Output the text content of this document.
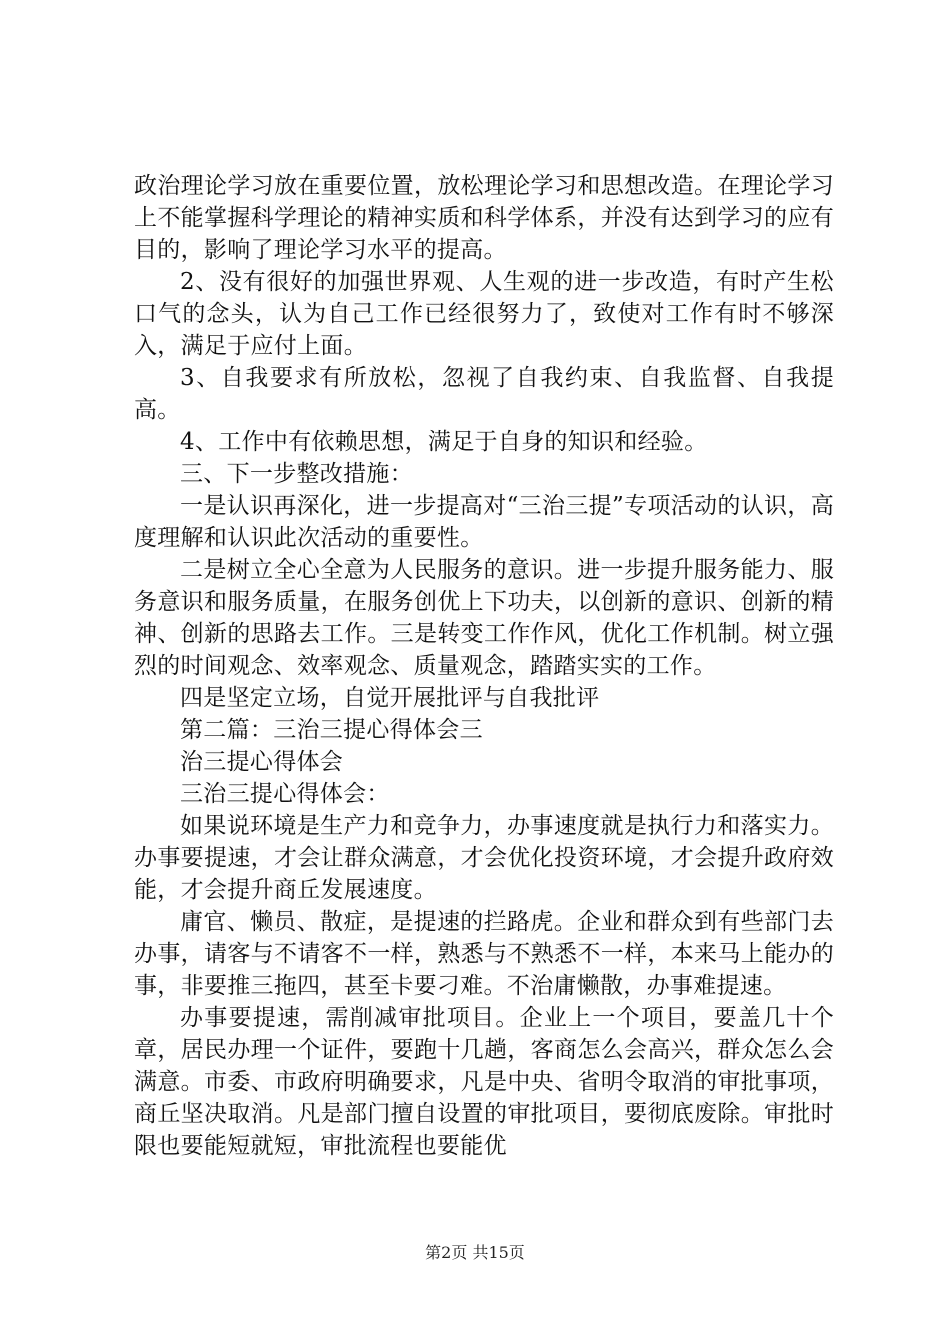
政治理论学习放在重要位置，放松理论学习和思想改造。在理论学习上不能掌握科学理论的精神实质和科学体系，并没有达到学习的应有目的，影响了理论学习水平的提高。

2、没有很好的加强世界观、人生观的进一步改造，有时产生松口气的念头，认为自己工作已经很努力了，致使对工作有时不够深入，满足于应付上面。

3、自我要求有所放松，忽视了自我约束、自我监督、自我提高。

4、工作中有依赖思想，满足于自身的知识和经验。

三、下一步整改措施：

一是认识再深化，进一步提高对“三治三提”专项活动的认识，高度理解和认识此次活动的重要性。

二是树立全心全意为人民服务的意识。进一步提升服务能力、服务意识和服务质量，在服务创优上下功夫，以创新的意识、创新的精神、创新的思路去工作。三是转变工作作风，优化工作机制。树立强烈的时间观念、效率观念、质量观念，踏踏实实的工作。

四是坚定立场，自觉开展批评与自我批评

第二篇：三治三提心得体会三

治三提心得体会

三治三提心得体会：

如果说环境是生产力和竞争力，办事速度就是执行力和落实力。办事要提速，才会让群众满意，才会优化投资环境，才会提升政府效能，才会提升商丘发展速度。

庸官、懒员、散症，是提速的拦路虎。企业和群众到有些部门去办事，请客与不请客不一样，熟悉与不熟悉不一样，本来马上能办的事，非要推三拖四，甚至卡要刁难。不治庸懒散，办事难提速。

办事要提速，需削减审批项目。企业上一个项目，要盖几十个章，居民办理一个证件，要跑十几趟，客商怎么会高兴，群众怎么会满意。市委、市政府明确要求，凡是中央、省明令取消的审批事项，商丘坚决取消。凡是部门擅自设置的审批项目，要彻底废除。审批时限也要能短就短，审批流程也要能优

第2页 共15页
